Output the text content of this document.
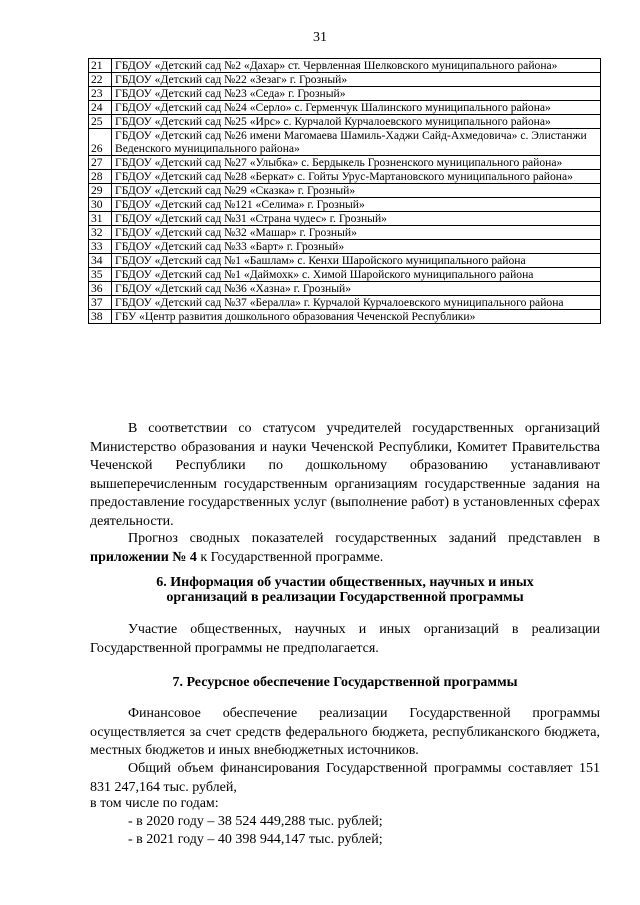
31
21	ГБДОУ «Детский сад №2 «Дахар» ст. Червленная Шелковского муниципального района»
22	ГБДОУ «Детский сад №22 «Зезаг» г. Грозный»
23	ГБДОУ «Детский сад №23 «Седа» г. Грозный»
24	ГБДОУ «Детский сад №24 «Серло» с. Герменчук Шалинского муниципального района»
25	ГБДОУ «Детский сад №25 «Ирс» с. Курчалой Курчалоевского муниципального района»
26	ГБДОУ «Детский сад №26 имени Магомаева Шамиль-Хаджи Сайд-Ахмедовича» с. Элистанжи Веденского муниципального района»
27	ГБДОУ «Детский сад №27 «Улыбка» с. Бердыкель Грозненского муниципального района»
28	ГБДОУ «Детский сад №28 «Беркат» с. Гойты Урус-Мартановского муниципального района»
29	ГБДОУ «Детский сад №29 «Сказка» г. Грозный»
30	ГБДОУ «Детский сад №121 «Селима» г. Грозный»
31	ГБДОУ «Детский сад №31 «Страна чудес» г. Грозный»
32	ГБДОУ «Детский сад №32 «Машар» г. Грозный»
33	ГБДОУ «Детский сад №33 «Барт» г. Грозный»
34	ГБДОУ «Детский сад №1 «Башлам» с. Кенхи Шаройского муниципального района
35	ГБДОУ «Детский сад №1 «Даймохк» с. Химой Шаройского муниципального района
36	ГБДОУ «Детский сад №36 «Хазна» г. Грозный»
37	ГБДОУ «Детский сад №37 «Бералла» г. Курчалой Курчалоевского муниципального района
38	ГБУ «Центр развития дошкольного образования Чеченской Республики»

В соответствии со статусом учредителей государственных организаций Министерство образования и науки Чеченской Республики, Комитет Правительства Чеченской Республики по дошкольному образованию устанавливают вышеперечисленным государственным организациям государственные задания на предоставление государственных услуг (выполнение работ) в установленных сферах деятельности.

Прогноз сводных показателей государственных заданий представлен в приложении № 4 к Государственной программе.

6. Информация об участии общественных, научных и иных
организаций в реализации Государственной программы

Участие общественных, научных и иных организаций в реализации Государственной программы не предполагается.

7. Ресурсное обеспечение Государственной программы

Финансовое обеспечение реализации Государственной программы осуществляется за счет средств федерального бюджета, республиканского бюджета, местных бюджетов и иных внебюджетных источников.

Общий объем финансирования Государственной программы составляет 151 831 247,164 тыс. рублей,

в том числе по годам:

- в 2020 году – 38 524 449,288 тыс. рублей;

- в 2021 году – 40 398 944,147 тыс. рублей;
